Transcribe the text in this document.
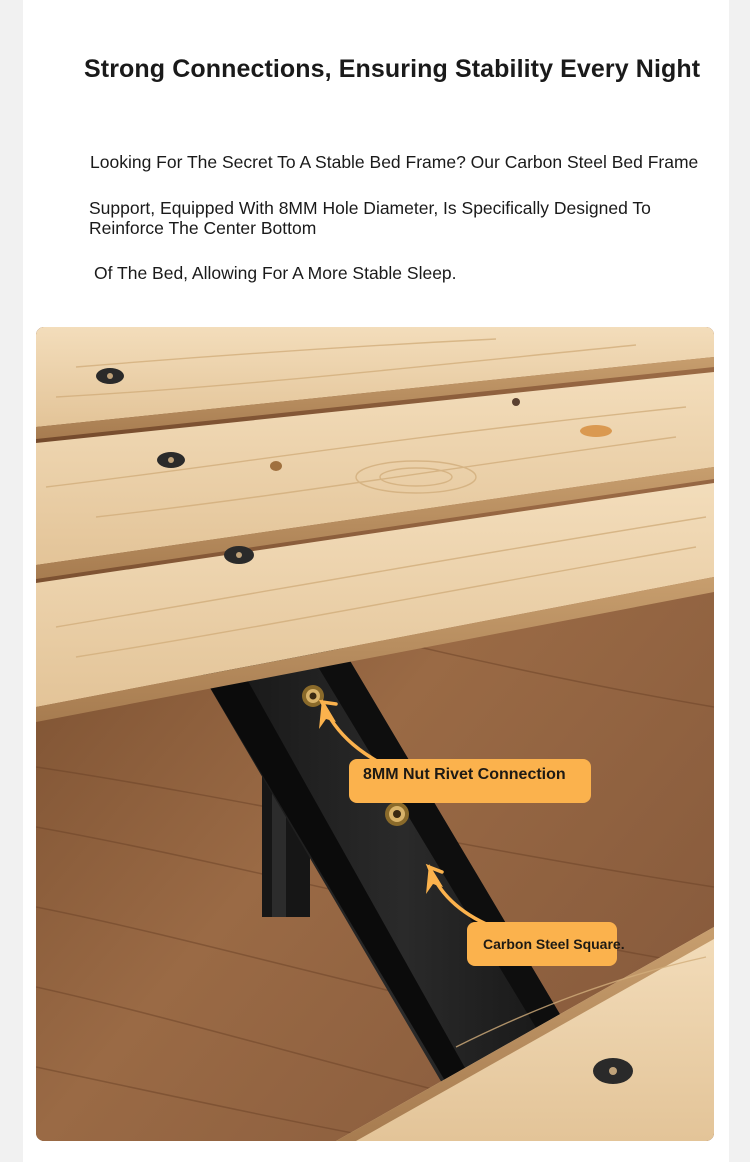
Strong Connections, Ensuring Stability Every Night
Looking For The Secret To A Stable Bed Frame? Our Carbon Steel Bed Frame
Support, Equipped With 8MM Hole Diameter, Is Specifically Designed To Reinforce The Center Bottom
Of The Bed, Allowing For A More Stable Sleep.
8MM Nut Rivet Connection
Carbon Steel Square.
